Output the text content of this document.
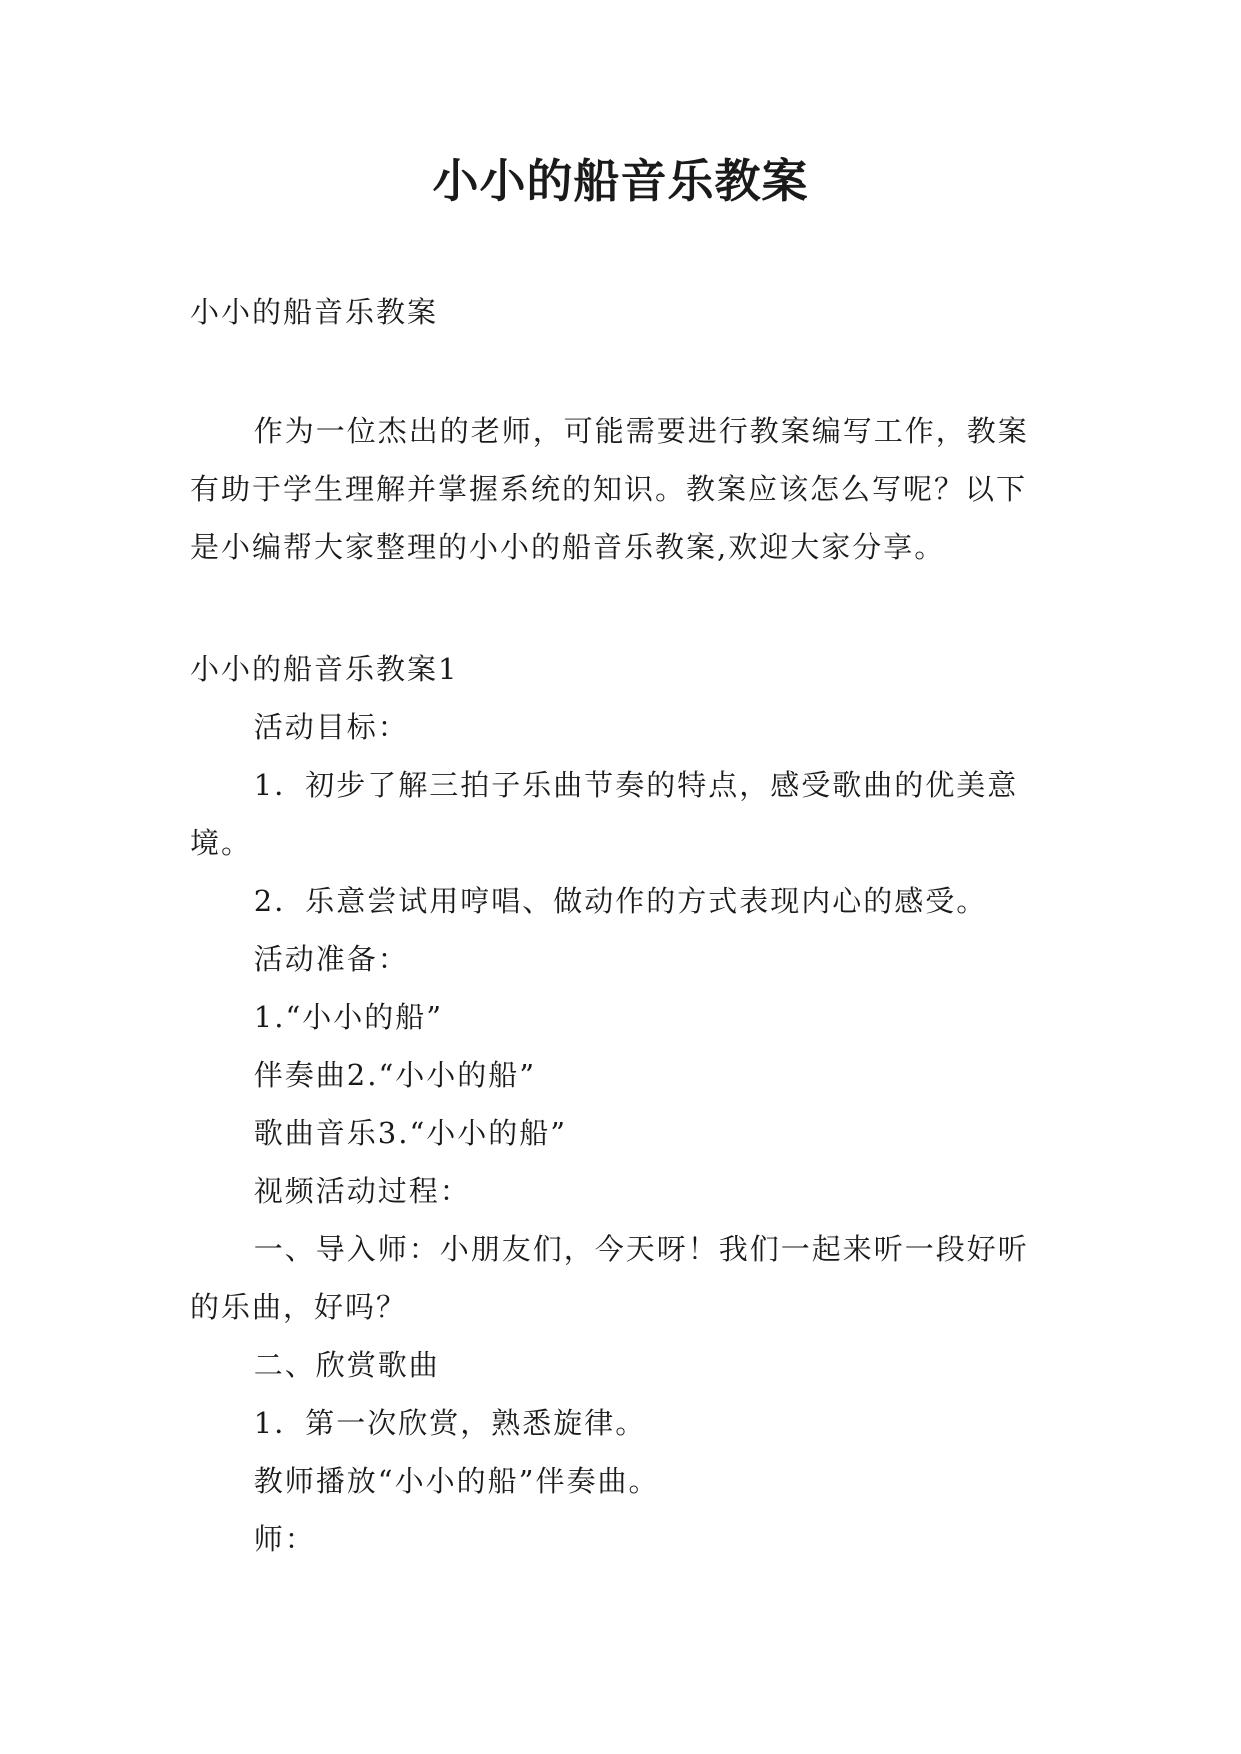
小小的船音乐教案

小小的船音乐教案

作为一位杰出的老师，可能需要进行教案编写工作，教案有助于学生理解并掌握系统的知识。教案应该怎么写呢？以下是小编帮大家整理的小小的船音乐教案,欢迎大家分享。

小小的船音乐教案1

活动目标：

1．初步了解三拍子乐曲节奏的特点，感受歌曲的优美意境。

2．乐意尝试用哼唱、做动作的方式表现内心的感受。

活动准备：

1.“小小的船”

伴奏曲2.“小小的船”

歌曲音乐3.“小小的船”

视频活动过程：

一、导入师：小朋友们，今天呀！我们一起来听一段好听的乐曲，好吗？

二、欣赏歌曲

1．第一次欣赏，熟悉旋律。

教师播放“小小的船”伴奏曲。

师：
